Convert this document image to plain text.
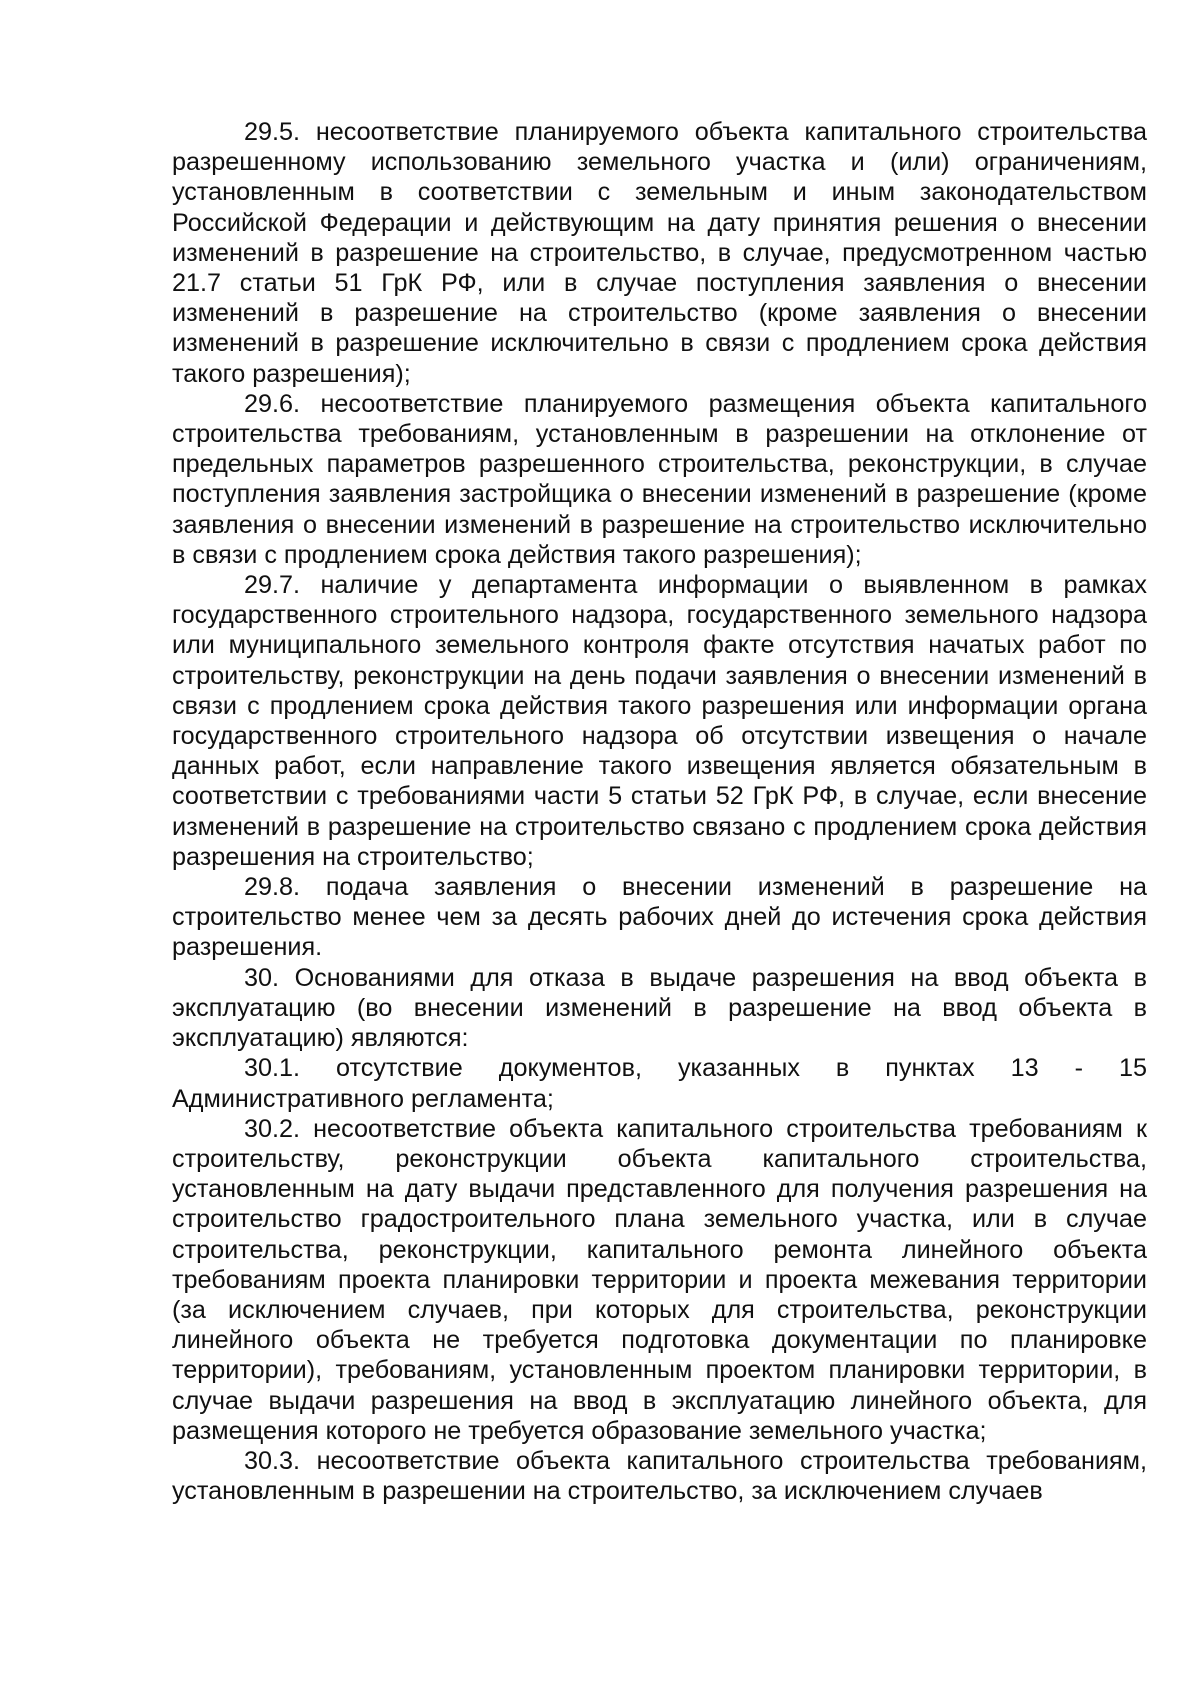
29.5. несоответствие планируемого объекта капитального строительства разрешенному использованию земельного участка и (или) ограничениям, установленным в соответствии с земельным и иным законодательством Российской Федерации и действующим на дату принятия решения о внесении изменений в разрешение на строительство, в случае, предусмотренном частью 21.7 статьи 51 ГрК РФ, или в случае поступления заявления о внесении изменений в разрешение на строительство (кроме заявления о внесении изменений в разрешение исключительно в связи с продлением срока действия такого разрешения);

29.6. несоответствие планируемого размещения объекта капитального строительства требованиям, установленным в разрешении на отклонение от предельных параметров разрешенного строительства, реконструкции, в случае поступления заявления застройщика о внесении изменений в разрешение (кроме заявления о внесении изменений в разрешение на строительство исключительно в связи с продлением срока действия такого разрешения);

29.7. наличие у департамента информации о выявленном в рамках государственного строительного надзора, государственного земельного надзора или муниципального земельного контроля факте отсутствия начатых работ по строительству, реконструкции на день подачи заявления о внесении изменений в связи с продлением срока действия такого разрешения или информации органа государственного строительного надзора об отсутствии извещения о начале данных работ, если направление такого извещения является обязательным в соответствии с требованиями части 5 статьи 52 ГрК РФ, в случае, если внесение изменений в разрешение на строительство связано с продлением срока действия разрешения на строительство;

29.8. подача заявления о внесении изменений в разрешение на строительство менее чем за десять рабочих дней до истечения срока действия разрешения.

30. Основаниями для отказа в выдаче разрешения на ввод объекта в эксплуатацию (во внесении изменений в разрешение на ввод объекта в эксплуатацию) являются:

30.1. отсутствие документов, указанных в пунктах 13 - 15 Административного регламента;

30.2. несоответствие объекта капитального строительства требованиям к строительству, реконструкции объекта капитального строительства, установленным на дату выдачи представленного для получения разрешения на строительство градостроительного плана земельного участка, или в случае строительства, реконструкции, капитального ремонта линейного объекта требованиям проекта планировки территории и проекта межевания территории (за исключением случаев, при которых для строительства, реконструкции линейного объекта не требуется подготовка документации по планировке территории), требованиям, установленным проектом планировки территории, в случае выдачи разрешения на ввод в эксплуатацию линейного объекта, для размещения которого не требуется образование земельного участка;

30.3. несоответствие объекта капитального строительства требованиям, установленным в разрешении на строительство, за исключением случаев
